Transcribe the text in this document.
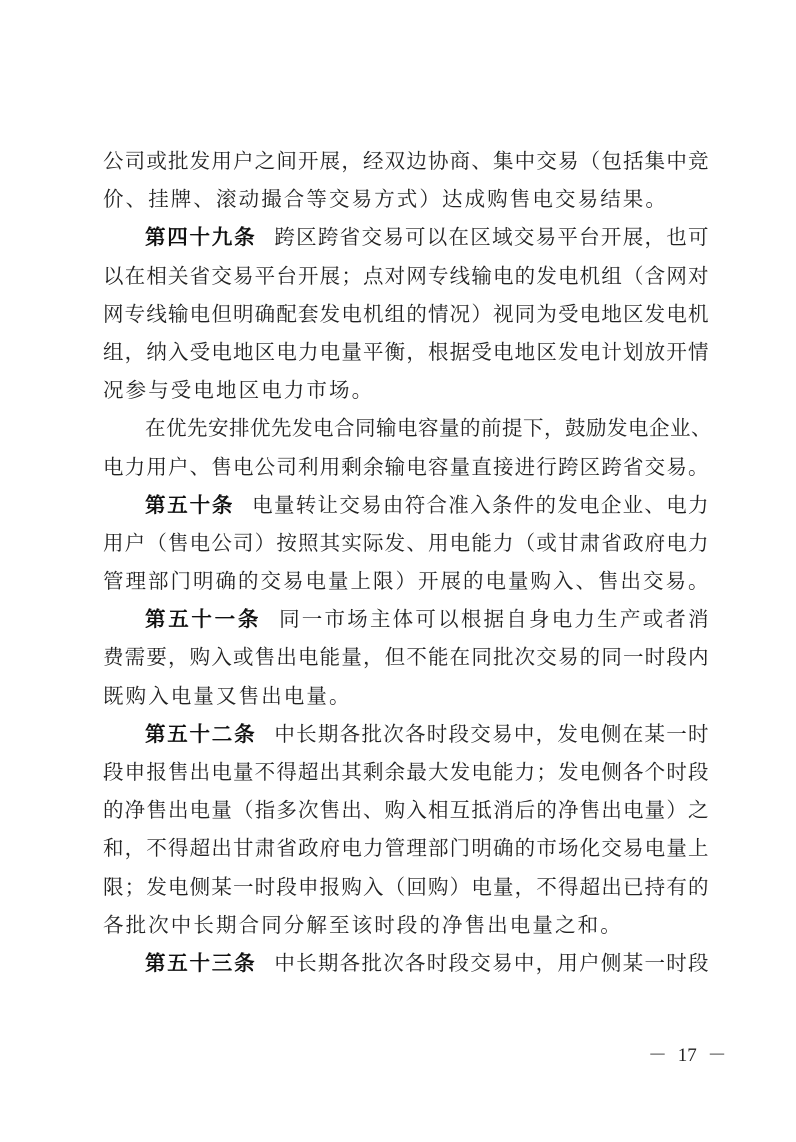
公司或批发用户之间开展，经双边协商、集中交易（包括集中竞
价、挂牌、滚动撮合等交易方式）达成购售电交易结果。
第四十九条 跨区跨省交易可以在区域交易平台开展，也可
以在相关省交易平台开展；点对网专线输电的发电机组（含网对
网专线输电但明确配套发电机组的情况）视同为受电地区发电机
组，纳入受电地区电力电量平衡，根据受电地区发电计划放开情
况参与受电地区电力市场。
在优先安排优先发电合同输电容量的前提下，鼓励发电企业、
电力用户、售电公司利用剩余输电容量直接进行跨区跨省交易。
第五十条 电量转让交易由符合准入条件的发电企业、电力
用户（售电公司）按照其实际发、用电能力（或甘肃省政府电力
管理部门明确的交易电量上限）开展的电量购入、售出交易。
第五十一条 同一市场主体可以根据自身电力生产或者消
费需要，购入或售出电能量，但不能在同批次交易的同一时段内
既购入电量又售出电量。
第五十二条 中长期各批次各时段交易中，发电侧在某一时
段申报售出电量不得超出其剩余最大发电能力；发电侧各个时段
的净售出电量（指多次售出、购入相互抵消后的净售出电量）之
和，不得超出甘肃省政府电力管理部门明确的市场化交易电量上
限；发电侧某一时段申报购入（回购）电量，不得超出已持有的
各批次中长期合同分解至该时段的净售出电量之和。
第五十三条 中长期各批次各时段交易中，用户侧某一时段
－ 17 －
